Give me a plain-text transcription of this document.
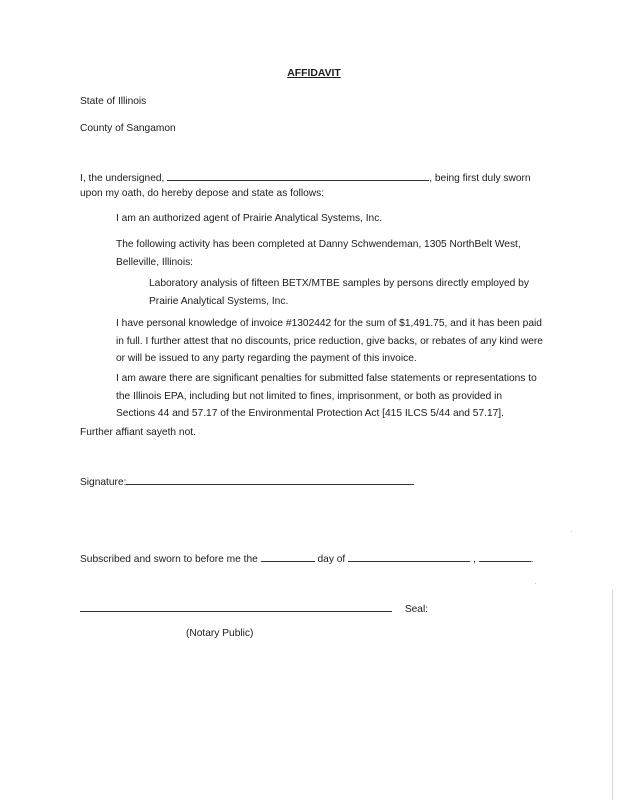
AFFIDAVIT
State of Illinois
County of Sangamon
I, the undersigned,	, being first duly sworn
upon my oath, do hereby depose and state as follows:
I am an authorized agent of Prairie Analytical Systems, Inc.
The following activity has been completed at Danny Schwendeman, 1305 NorthBelt West, Belleville, Illinois:
Laboratory analysis of fifteen BETX/MTBE samples by persons directly employed by Prairie Analytical Systems, Inc.
I have personal knowledge of invoice #1302442 for the sum of $1,491.75, and it has been paid in full. I further attest that no discounts, price reduction, give backs, or rebates of any kind were or will be issued to any party regarding the payment of this invoice.
I am aware there are significant penalties for submitted false statements or representations to the Illinois EPA, including but not limited to fines, imprisonment, or both as provided in Sections 44 and 57.17 of the Environmental Protection Act [415 ILCS 5/44 and 57.17].
Further affiant sayeth not.
Signature:
Subscribed and sworn to before me the	day of	,	.
Seal:
(Notary Public)
